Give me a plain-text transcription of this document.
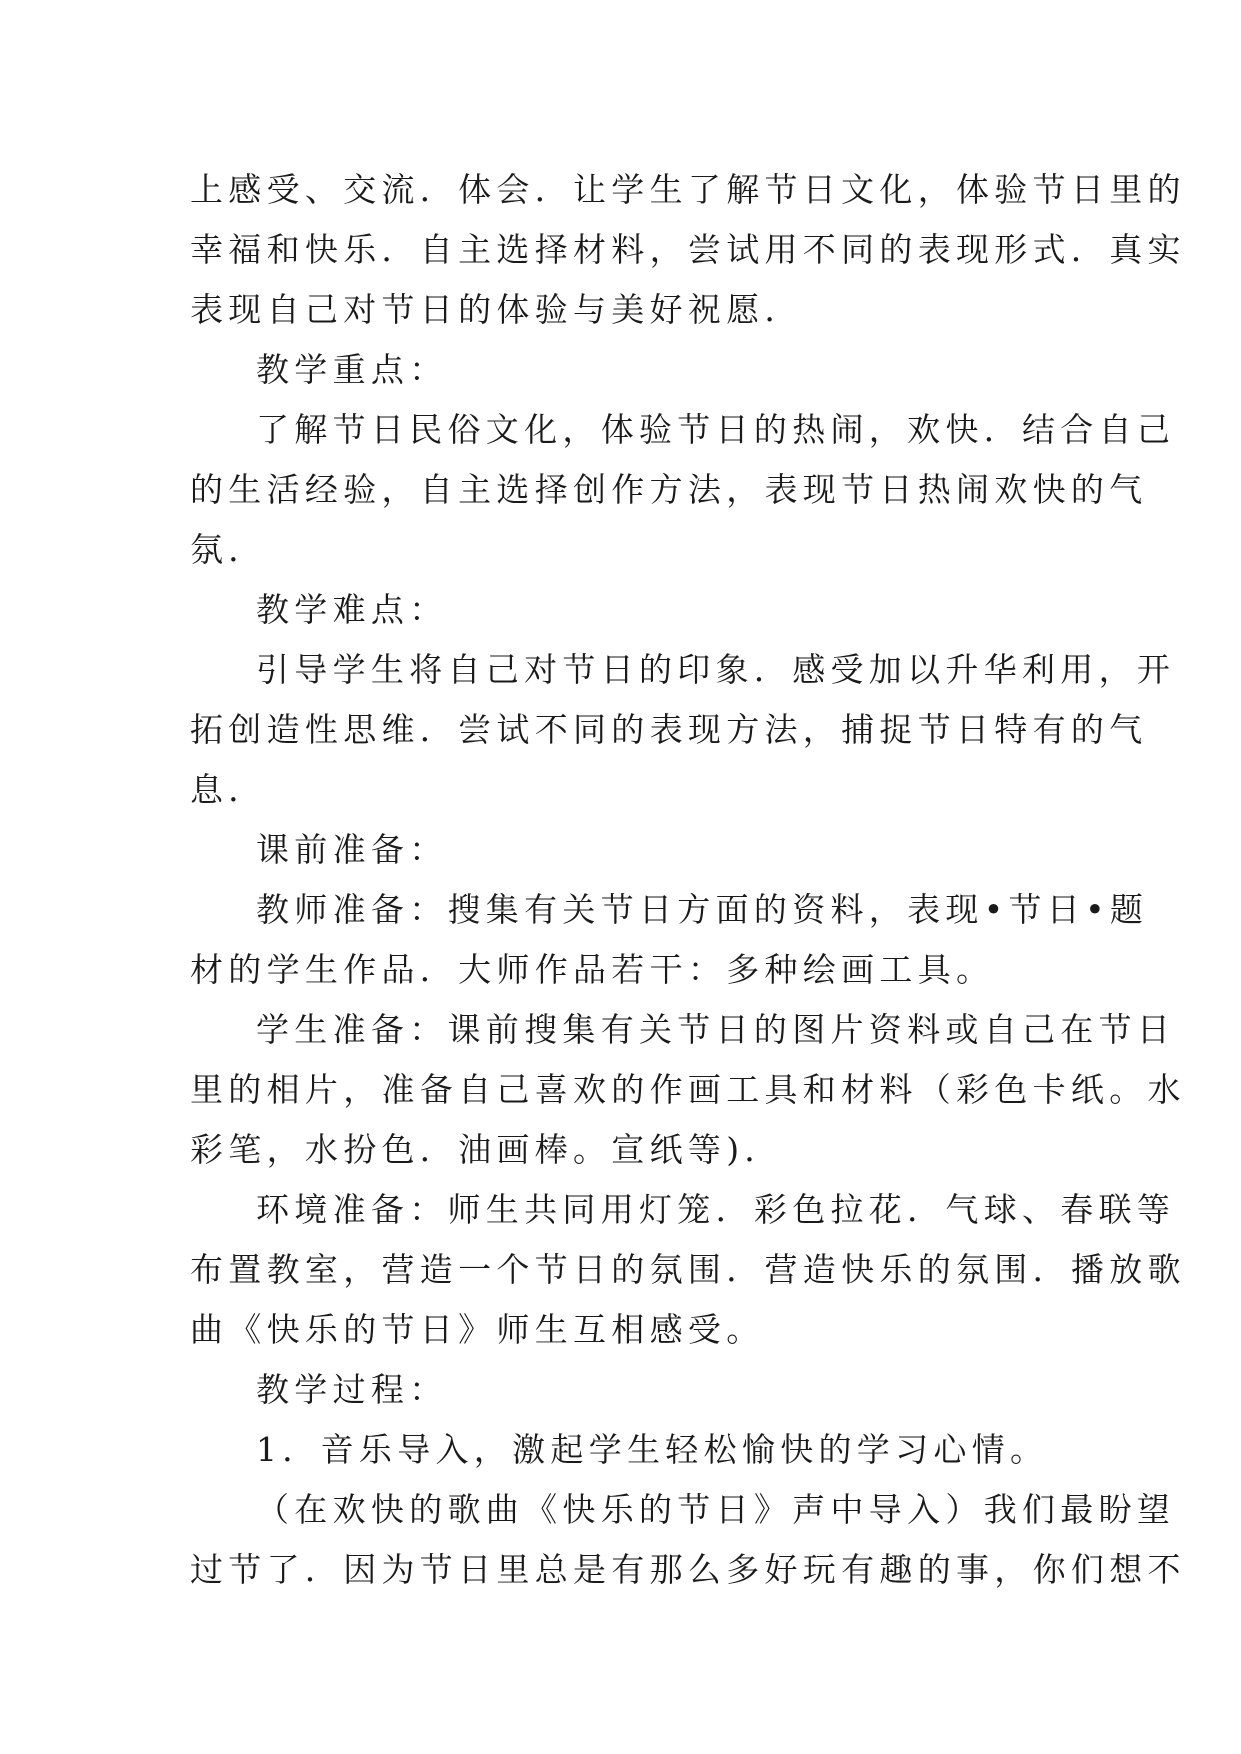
上感受、交流．体会．让学生了解节日文化，体验节日里的
幸福和快乐．自主选择材料，尝试用不同的表现形式．真实
表现自己对节日的体验与美好祝愿．
教学重点：
了解节日民俗文化，体验节日的热闹，欢快．结合自己
的生活经验，自主选择创作方法，表现节日热闹欢快的气
氛．
教学难点：
引导学生将自己对节日的印象．感受加以升华利用，开
拓创造性思维．尝试不同的表现方法，捕捉节日特有的气
息．
课前准备：
教师准备：搜集有关节日方面的资料，表现•节日•题
材的学生作品．大师作品若干：多种绘画工具。
学生准备：课前搜集有关节日的图片资料或自己在节日
里的相片，准备自己喜欢的作画工具和材料（彩色卡纸。水
彩笔，水扮色．油画棒。宣纸等)．
环境准备：师生共同用灯笼．彩色拉花．气球、春联等
布置教室，营造一个节日的氛围．营造快乐的氛围．播放歌
曲《快乐的节日》师生互相感受。
教学过程：
1．音乐导入，激起学生轻松愉快的学习心情。
（在欢快的歌曲《快乐的节日》声中导入）我们最盼望
过节了．因为节日里总是有那么多好玩有趣的事，你们想不
